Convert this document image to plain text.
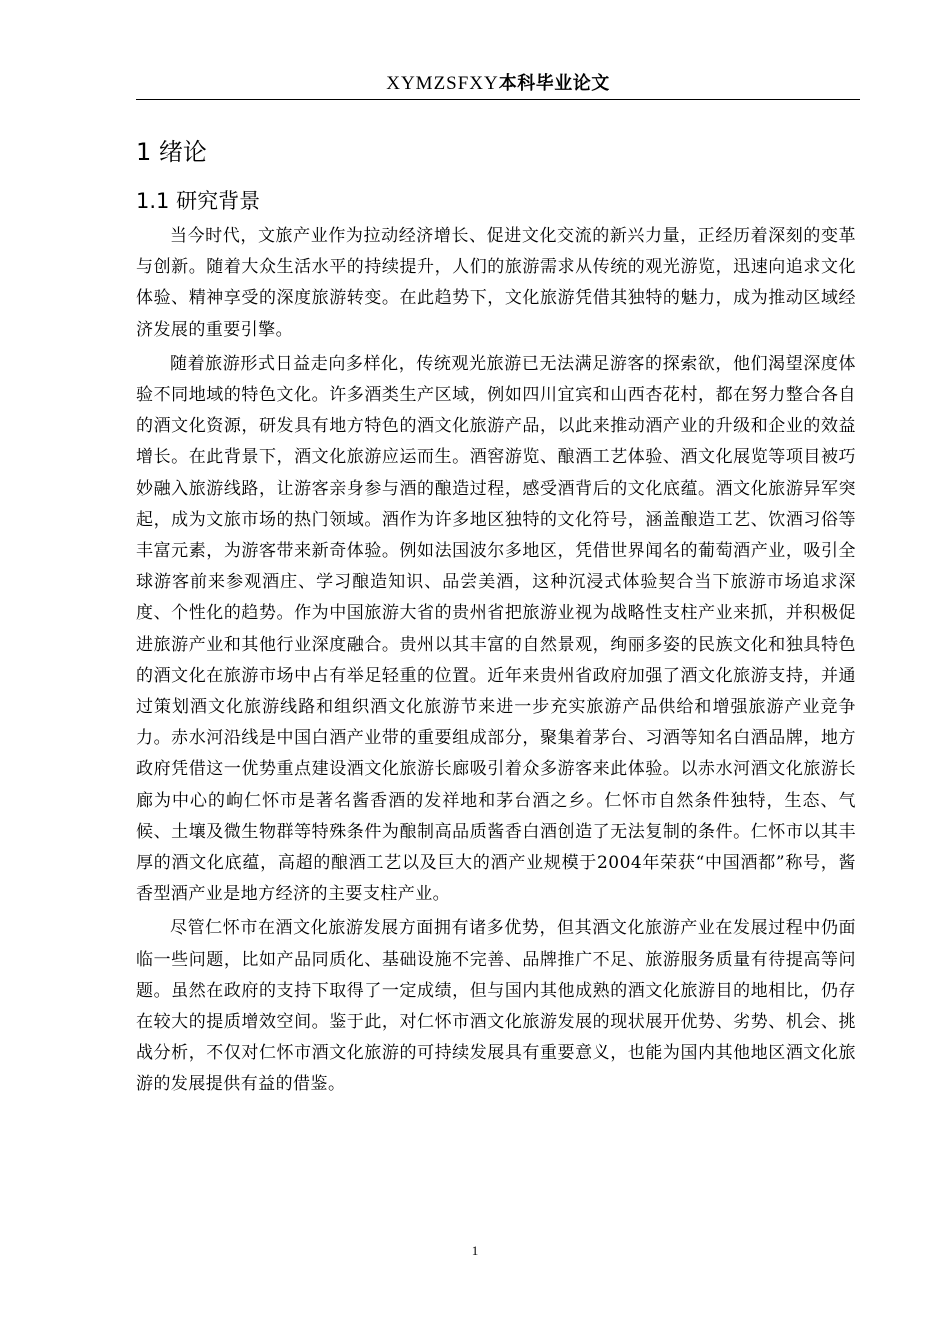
XYMZSFXY本科毕业论文
1 绪论
1.1 研究背景

当今时代，文旅产业作为拉动经济增长、促进文化交流的新兴力量，正经历着深刻的变革与创新。随着大众生活水平的持续提升，人们的旅游需求从传统的观光游览，迅速向追求文化体验、精神享受的深度旅游转变。在此趋势下，文化旅游凭借其独特的魅力，成为推动区域经济发展的重要引擎。

随着旅游形式日益走向多样化，传统观光旅游已无法满足游客的探索欲，他们渴望深度体验不同地域的特色文化。许多酒类生产区域，例如四川宜宾和山西杏花村，都在努力整合各自的酒文化资源，研发具有地方特色的酒文化旅游产品，以此来推动酒产业的升级和企业的效益增长。在此背景下，酒文化旅游应运而生。酒窖游览、酿酒工艺体验、酒文化展览等项目被巧妙融入旅游线路，让游客亲身参与酒的酿造过程，感受酒背后的文化底蕴。酒文化旅游异军突起，成为文旅市场的热门领域。酒作为许多地区独特的文化符号，涵盖酿造工艺、饮酒习俗等丰富元素，为游客带来新奇体验。例如法国波尔多地区，凭借世界闻名的葡萄酒产业，吸引全球游客前来参观酒庄、学习酿造知识、品尝美酒，这种沉浸式体验契合当下旅游市场追求深度、个性化的趋势。作为中国旅游大省的贵州省把旅游业视为战略性支柱产业来抓，并积极促进旅游产业和其他行业深度融合。贵州以其丰富的自然景观，绚丽多姿的民族文化和独具特色的酒文化在旅游市场中占有举足轻重的位置。近年来贵州省政府加强了酒文化旅游支持，并通过策划酒文化旅游线路和组织酒文化旅游节来进一步充实旅游产品供给和增强旅游产业竞争力。赤水河沿线是中国白酒产业带的重要组成部分，聚集着茅台、习酒等知名白酒品牌，地方政府凭借这一优势重点建设酒文化旅游长廊吸引着众多游客来此体验。以赤水河酒文化旅游长廊为中心的岣仁怀市是著名酱香酒的发祥地和茅台酒之乡。仁怀市自然条件独特，生态、气候、土壤及微生物群等特殊条件为酿制高品质酱香白酒创造了无法复制的条件。仁怀市以其丰厚的酒文化底蕴，高超的酿酒工艺以及巨大的酒产业规模于2004年荣获“中国酒都”称号，酱香型酒产业是地方经济的主要支柱产业。

尽管仁怀市在酒文化旅游发展方面拥有诸多优势，但其酒文化旅游产业在发展过程中仍面临一些问题，比如产品同质化、基础设施不完善、品牌推广不足、旅游服务质量有待提高等问题。虽然在政府的支持下取得了一定成绩，但与国内其他成熟的酒文化旅游目的地相比，仍存在较大的提质增效空间。鉴于此，对仁怀市酒文化旅游发展的现状展开优势、劣势、机会、挑战分析，不仅对仁怀市酒文化旅游的可持续发展具有重要意义，也能为国内其他地区酒文化旅游的发展提供有益的借鉴。

1
